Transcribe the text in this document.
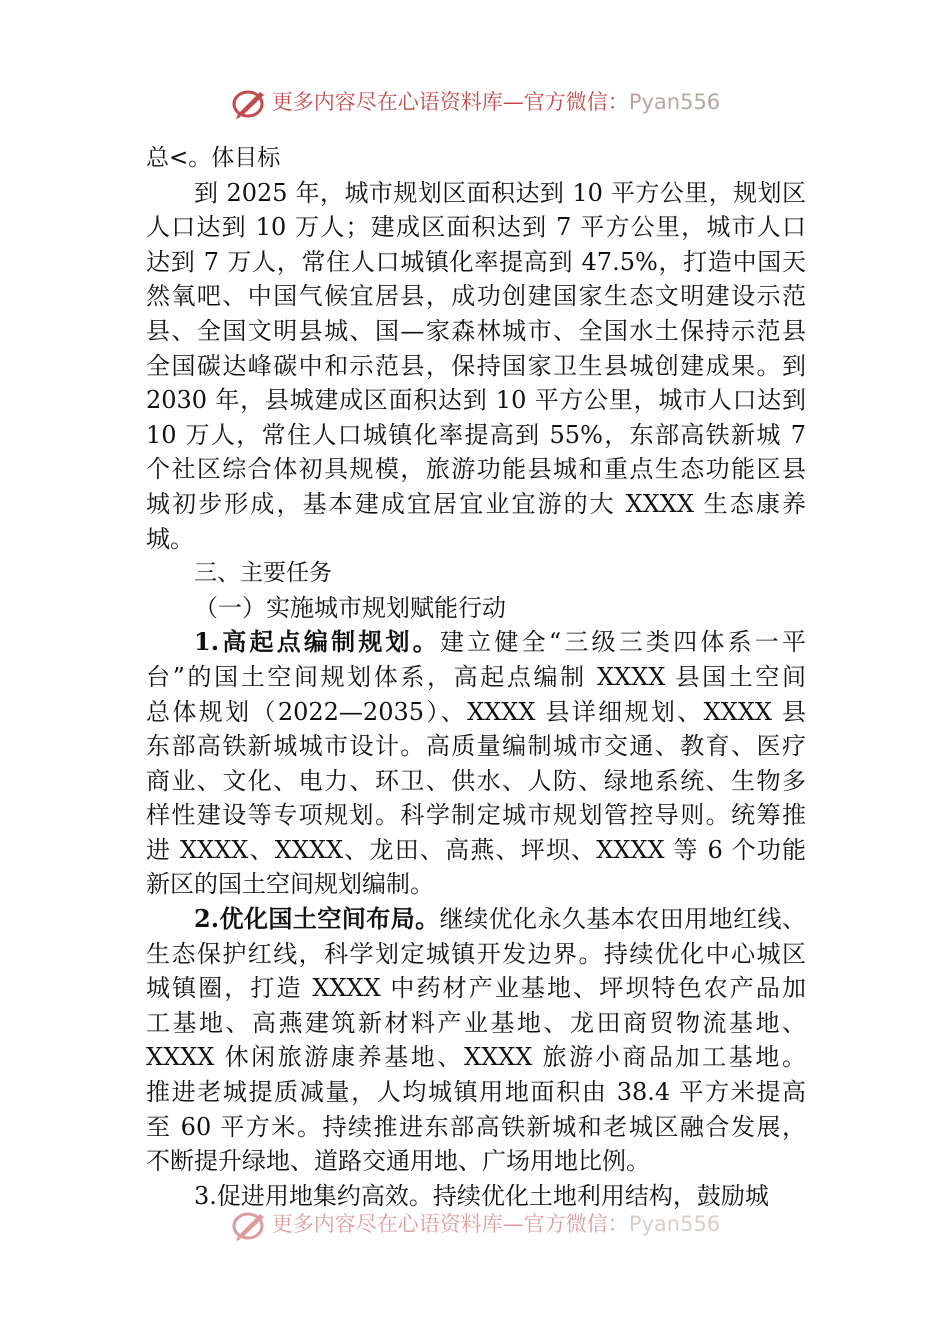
更多内容尽在心语资料库—官方微信：Pyan556

总<。体目标

到 2025 年，城市规划区面积达到 10 平方公里，规划区
人口达到 10 万人；建成区面积达到 7 平方公里，城市人口
达到 7 万人，常住人口城镇化率提高到 47.5%，打造中国天
然氧吧、中国气候宜居县，成功创建国家生态文明建设示范
县、全国文明县城、国—家森林城市、全国水土保持示范县
全国碳达峰碳中和示范县，保持国家卫生县城创建成果。到
2030 年，县城建成区面积达到 10 平方公里，城市人口达到
10 万人，常住人口城镇化率提高到 55%，东部高铁新城 7
个社区综合体初具规模，旅游功能县城和重点生态功能区县
城初步形成，基本建成宜居宜业宜游的大 XXXX 生态康养
城。

三、主要任务

（一）实施城市规划赋能行动

1.高起点编制规划。建立健全“三级三类四体系一平
台”的国土空间规划体系，高起点编制 XXXX 县国土空间
总体规划（2022—2035）、XXXX 县详细规划、XXXX 县
东部高铁新城城市设计。高质量编制城市交通、教育、医疗
商业、文化、电力、环卫、供水、人防、绿地系统、生物多
样性建设等专项规划。科学制定城市规划管控导则。统筹推
进 XXXX、XXXX、龙田、高燕、坪坝、XXXX 等 6 个功能
新区的国土空间规划编制。

2.优化国土空间布局。继续优化永久基本农田用地红线、
生态保护红线，科学划定城镇开发边界。持续优化中心城区
城镇圈，打造 XXXX 中药材产业基地、坪坝特色农产品加
工基地、高燕建筑新材料产业基地、龙田商贸物流基地、
XXXX 休闲旅游康养基地、XXXX 旅游小商品加工基地。
推进老城提质减量，人均城镇用地面积由 38.4 平方米提高
至 60 平方米。持续推进东部高铁新城和老城区融合发展，
不断提升绿地、道路交通用地、广场用地比例。

3.促进用地集约高效。持续优化土地利用结构，鼓励城

更多内容尽在心语资料库—官方微信：Pyan556
